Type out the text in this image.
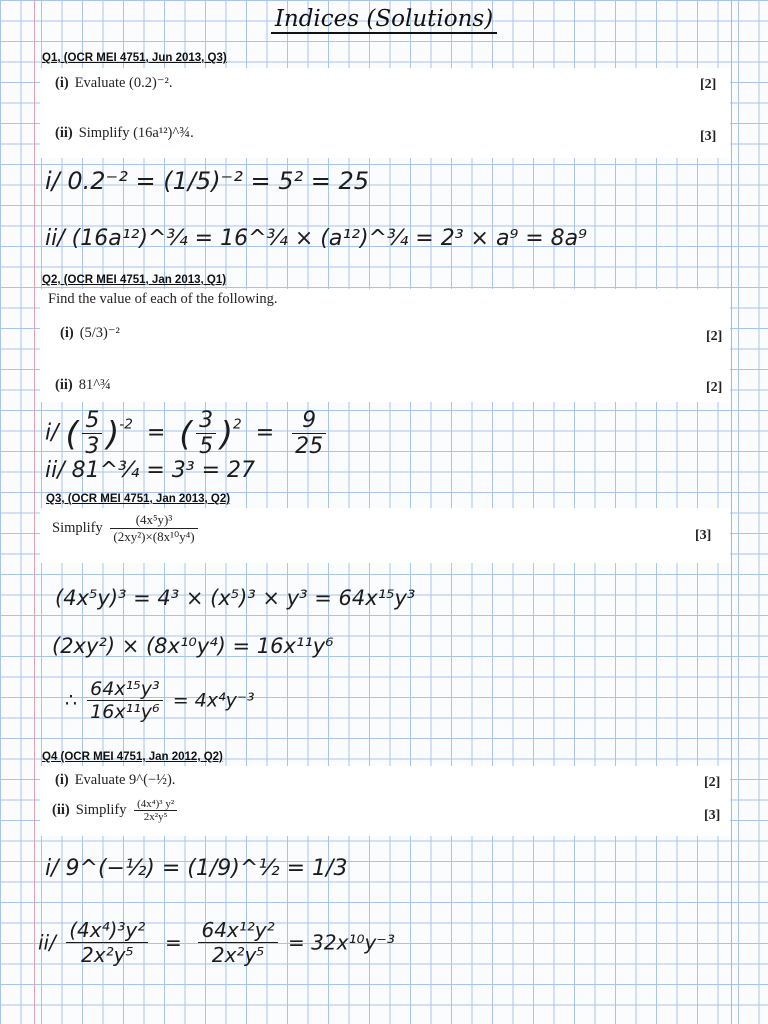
Indices (Solutions)
Q1, (OCR MEI 4751, Jun 2013, Q3)
(i) Evaluate (0.2)⁻².	[2]
(ii) Simplify (16a¹²)^¾.	[3]
i/ 0.2⁻² = (1/5)⁻² = 5² = 25
ii/ (16a¹²)^¾ = 16^¾ × (a¹²)^¾ = 2³ × a⁹ = 8a⁹
Q2, (OCR MEI 4751, Jan 2013, Q1)
Find the value of each of the following.
(i) (5/3)⁻²	[2]
(ii) 81^¾	[2]
i/ ( $\frac{5}{3} )^{-2}$  =  ( $\frac{3}{5} )^2 = \frac{9}{25}$
ii/ 81^¾ = 3³ = 27
Q3, (OCR MEI 4751, Jan 2013, Q2)
Simplify $\frac{\text{(4x⁵y)³}}{\text{(2xy²)×(8x¹⁰y⁴)}}$	[3]
(4x⁵y)³ = 4³ × (x⁵)³ × y³ = 64x¹⁵y³
(2xy²) × (8x¹⁰y⁴) = 16x¹¹y⁶
∴ $\frac{\text{64x¹⁵y³}}{\text{16x¹¹y⁶}} = 4x^4y^{-3}$
Q4 (OCR MEI 4751, Jan 2012, Q2)
(i) Evaluate 9^(−½).	[2]
(ii) Simplify $\frac{\text{(4x⁴)³ y²}}{\text{2x²y⁵}}$	[3]
i/ 9^(−½) = (1/9)^½ = 1/3
$ii/ \frac{\text{(4x⁴)³y²}}{\text{2x²y⁵}} = \frac{\text{64x¹²y²}}{\text{2x²y⁵}} = 32x^{10}y^{-3}$
